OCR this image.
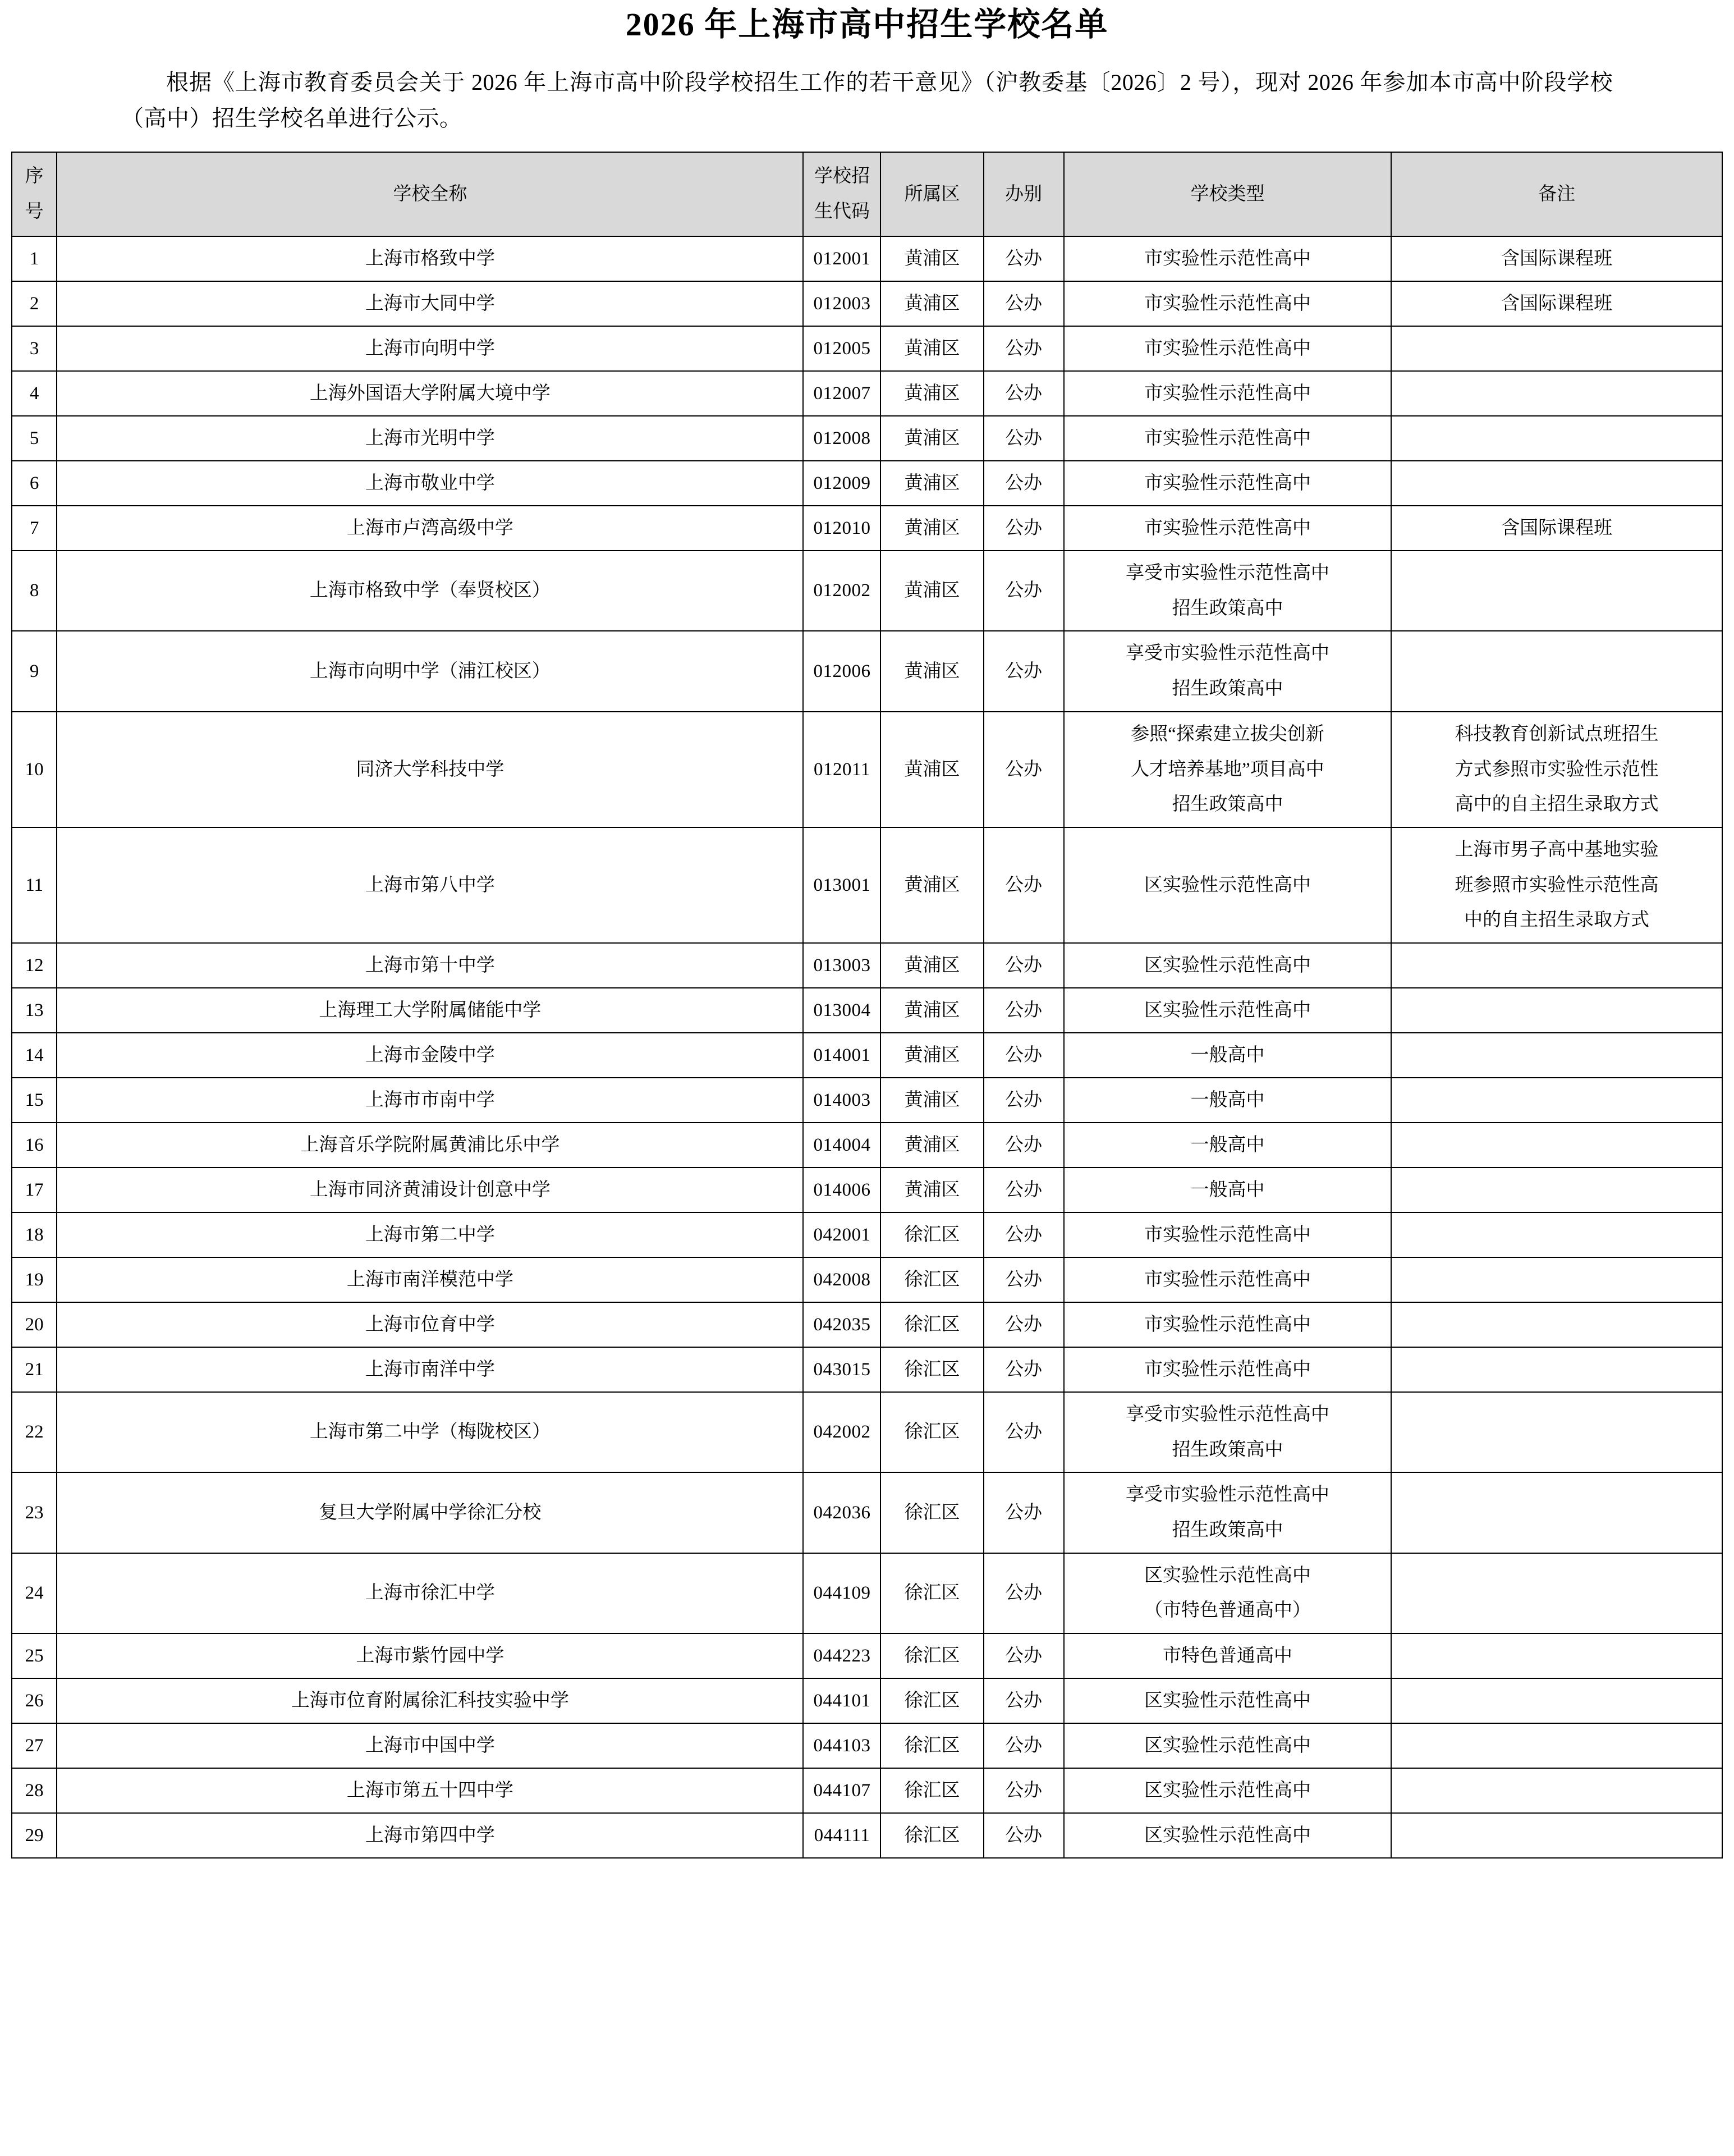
2026 年上海市高中招生学校名单

根据《上海市教育委员会关于 2026 年上海市高中阶段学校招生工作的若干意见》（沪教委基〔2026〕2 号），现对 2026 年参加本市高中阶段学校（高中）招生学校名单进行公示。

序
号	学校全称	学校招
生代码	所属区	办别	学校类型	备注
1	上海市格致中学	012001	黄浦区	公办	市实验性示范性高中	含国际课程班
2	上海市大同中学	012003	黄浦区	公办	市实验性示范性高中	含国际课程班
3	上海市向明中学	012005	黄浦区	公办	市实验性示范性高中	
4	上海外国语大学附属大境中学	012007	黄浦区	公办	市实验性示范性高中	
5	上海市光明中学	012008	黄浦区	公办	市实验性示范性高中	
6	上海市敬业中学	012009	黄浦区	公办	市实验性示范性高中	
7	上海市卢湾高级中学	012010	黄浦区	公办	市实验性示范性高中	含国际课程班
8	上海市格致中学（奉贤校区）	012002	黄浦区	公办	享受市实验性示范性高中
招生政策高中	

9	上海市向明中学（浦江校区）	012006	黄浦区	公办	享受市实验性示范性高中
招生政策高中	

10	同济大学科技中学	012011	黄浦区	公办	参照“探索建立拔尖创新
人才培养基地”项目高中
招生政策高中	科技教育创新试点班招生
方式参照市实验性示范性
高中的自主招生录取方式

11	上海市第八中学	013001	黄浦区	公办	区实验性示范性高中	上海市男子高中基地实验
班参照市实验性示范性高
中的自主招生录取方式

12	上海市第十中学	013003	黄浦区	公办	区实验性示范性高中	
13	上海理工大学附属储能中学	013004	黄浦区	公办	区实验性示范性高中	
14	上海市金陵中学	014001	黄浦区	公办	一般高中	
15	上海市市南中学	014003	黄浦区	公办	一般高中	
16	上海音乐学院附属黄浦比乐中学	014004	黄浦区	公办	一般高中	
17	上海市同济黄浦设计创意中学	014006	黄浦区	公办	一般高中	
18	上海市第二中学	042001	徐汇区	公办	市实验性示范性高中	
19	上海市南洋模范中学	042008	徐汇区	公办	市实验性示范性高中	
20	上海市位育中学	042035	徐汇区	公办	市实验性示范性高中	
21	上海市南洋中学	043015	徐汇区	公办	市实验性示范性高中	
22	上海市第二中学（梅陇校区）	042002	徐汇区	公办	享受市实验性示范性高中
招生政策高中	

23	复旦大学附属中学徐汇分校	042036	徐汇区	公办	享受市实验性示范性高中
招生政策高中	

24	上海市徐汇中学	044109	徐汇区	公办	区实验性示范性高中
（市特色普通高中）	

25	上海市紫竹园中学	044223	徐汇区	公办	市特色普通高中	
26	上海市位育附属徐汇科技实验中学	044101	徐汇区	公办	区实验性示范性高中	
27	上海市中国中学	044103	徐汇区	公办	区实验性示范性高中	
28	上海市第五十四中学	044107	徐汇区	公办	区实验性示范性高中	
29	上海市第四中学	044111	徐汇区	公办	区实验性示范性高中	
